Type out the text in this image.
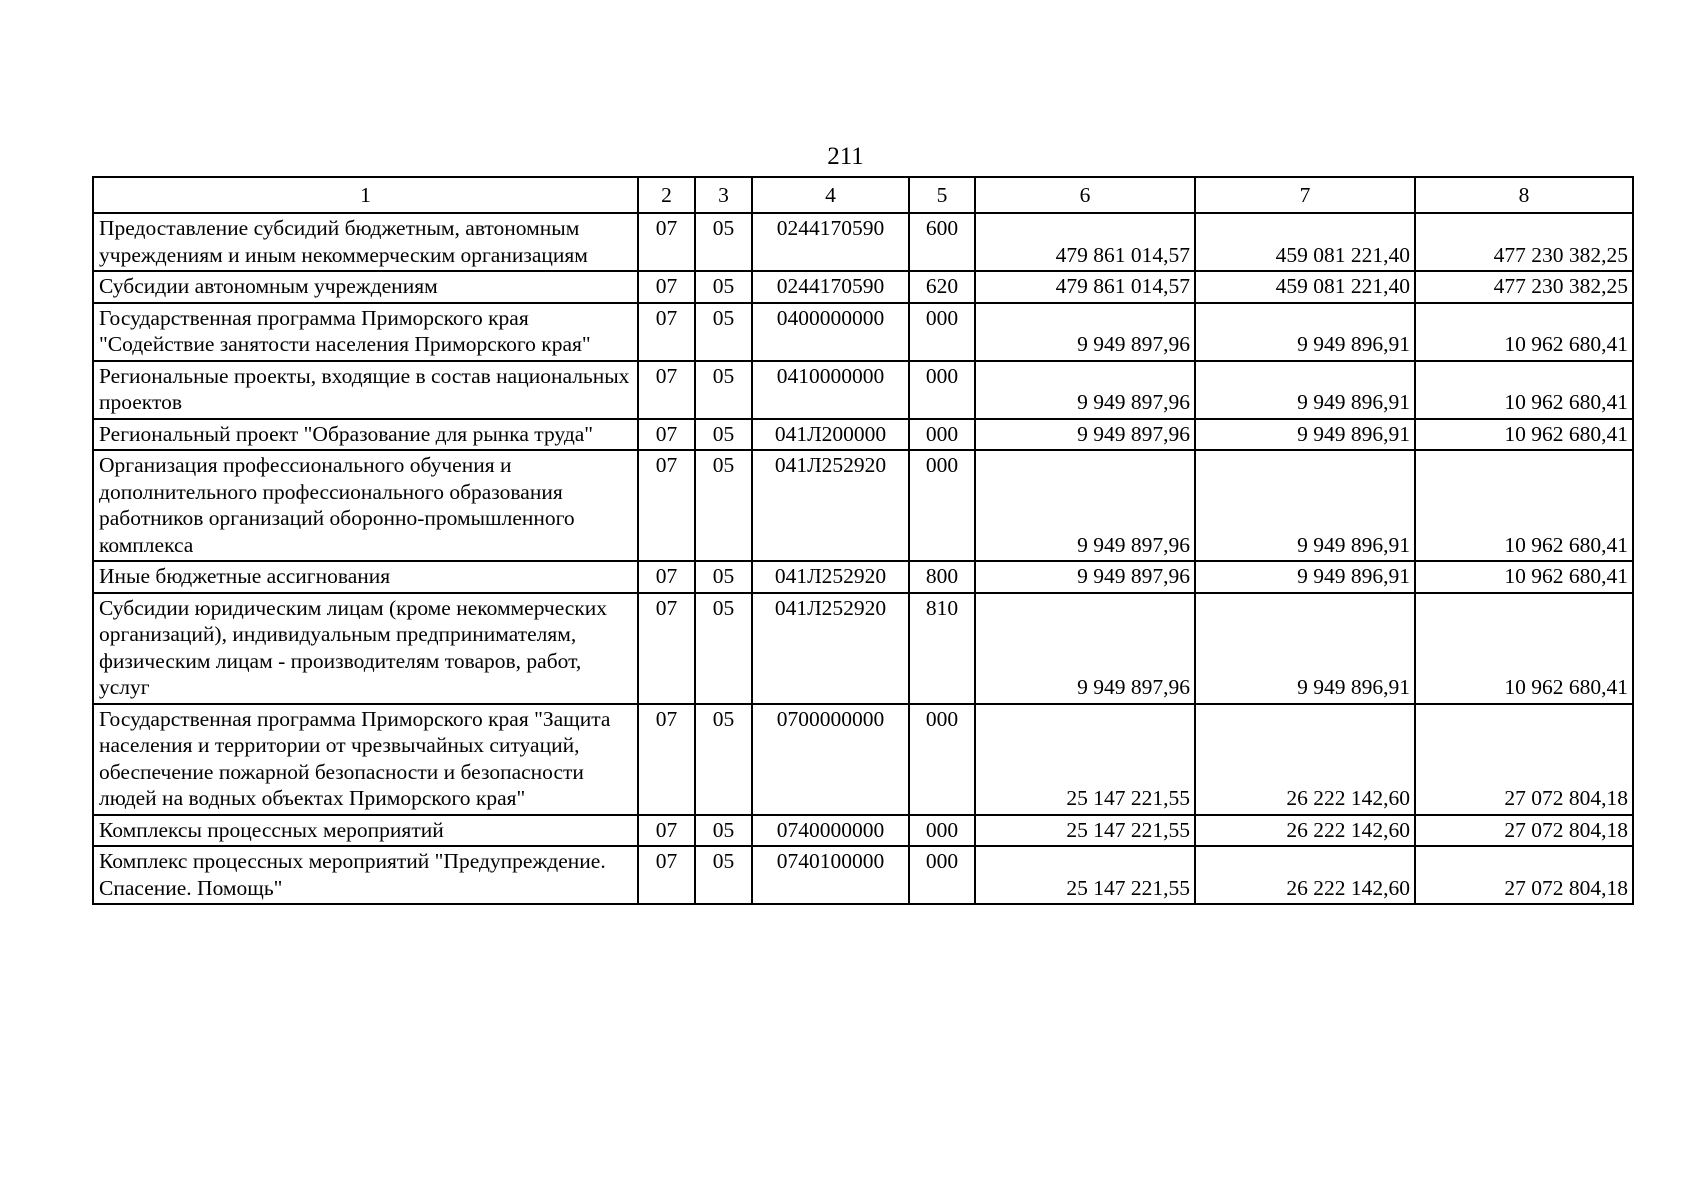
211
1	2	3	4	5	6	7	8
Предоставление субсидий бюджетным, автономным учреждениям и иным некоммерческим организациям	07	05	0244170590	600	479 861 014,57	459 081 221,40	477 230 382,25
Субсидии автономным учреждениям	07	05	0244170590	620	479 861 014,57	459 081 221,40	477 230 382,25
Государственная программа Приморского края "Содействие занятости населения Приморского края"	07	05	0400000000	000	9 949 897,96	9 949 896,91	10 962 680,41
Региональные проекты, входящие в состав национальных проектов	07	05	0410000000	000	9 949 897,96	9 949 896,91	10 962 680,41
Региональный проект "Образование для рынка труда"	07	05	041Л200000	000	9 949 897,96	9 949 896,91	10 962 680,41
Организация профессионального обучения и дополнительного профессионального образования работников организаций оборонно-промышленного комплекса	07	05	041Л252920	000	9 949 897,96	9 949 896,91	10 962 680,41
Иные бюджетные ассигнования	07	05	041Л252920	800	9 949 897,96	9 949 896,91	10 962 680,41
Субсидии юридическим лицам (кроме некоммерческих организаций), индивидуальным предпринимателям, физическим лицам - производителям товаров, работ, услуг	07	05	041Л252920	810	9 949 897,96	9 949 896,91	10 962 680,41
Государственная программа Приморского края "Защита населения и территории от чрезвычайных ситуаций, обеспечение пожарной безопасности и безопасности людей на водных объектах Приморского края"	07	05	0700000000	000	25 147 221,55	26 222 142,60	27 072 804,18
Комплексы процессных мероприятий	07	05	0740000000	000	25 147 221,55	26 222 142,60	27 072 804,18
Комплекс процессных мероприятий "Предупреждение. Спасение. Помощь"	07	05	0740100000	000	25 147 221,55	26 222 142,60	27 072 804,18
